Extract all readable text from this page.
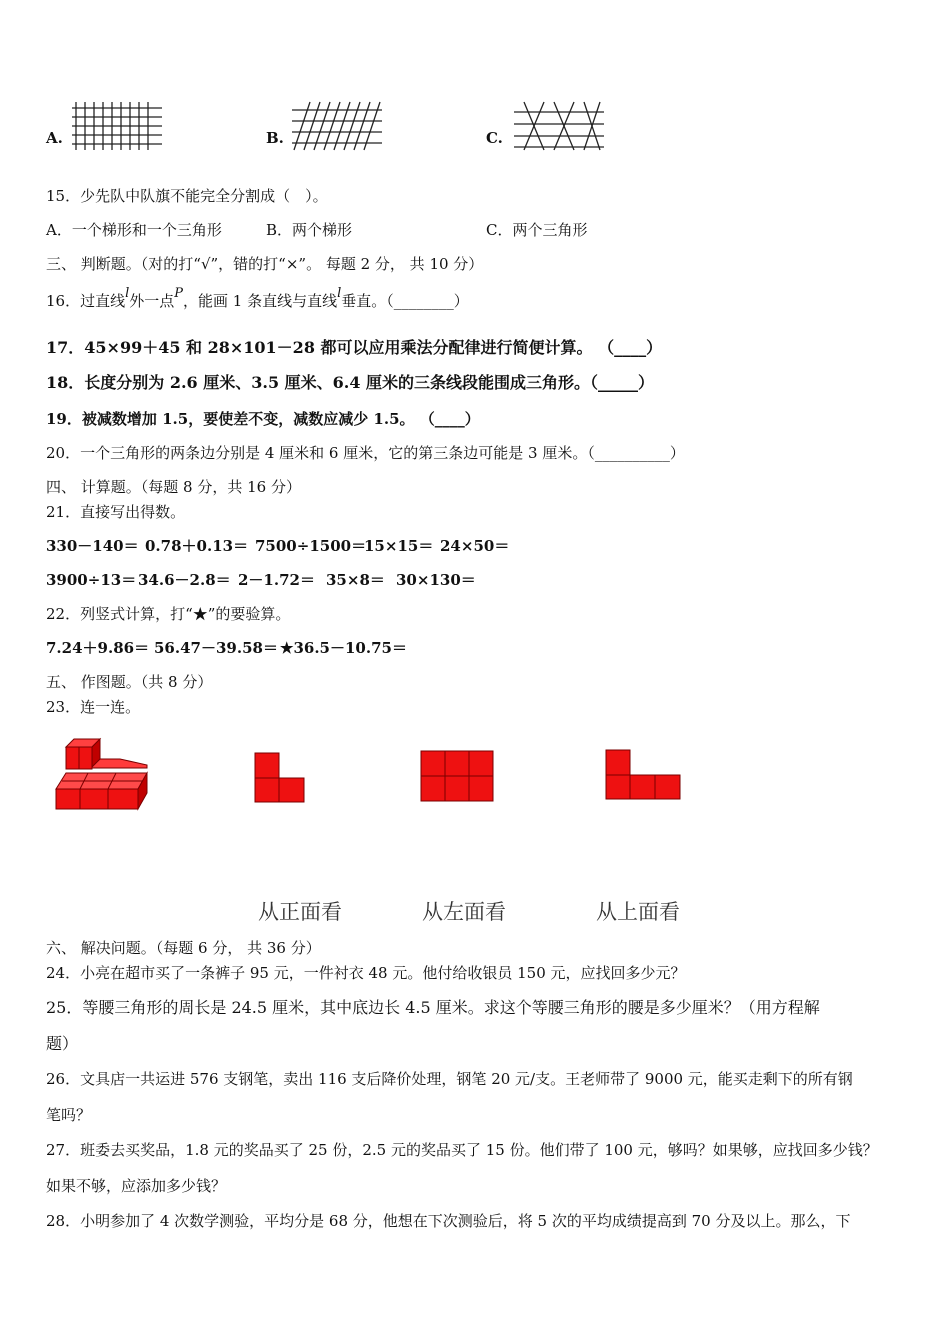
A.	B.	C.
15．少先队中队旗不能完全分割成（　）。
A．一个梯形和一个三角形	B．两个梯形	C．两个三角形
三、 判断题。（对的打“√”，错的打“×”。 每题 2 分， 共 10 分）
16．过直线l外一点P，能画 1 条直线与直线l垂直。（________）
17．45×99＋45 和 28×101－28 都可以应用乘法分配律进行简便计算。 （____）
18．长度分别为 2.6 厘米、3.5 厘米、6.4 厘米的三条线段能围成三角形。（_____）
19．被减数增加 1.5，要使差不变，减数应减少 1.5。 （____）
20．一个三角形的两条边分别是 4 厘米和 6 厘米，它的第三条边可能是 3 厘米。（__________）
四、 计算题。（每题 8 分，共 16 分）
21．直接写出得数。
330－140＝ 0.78＋0.13＝ 7500÷1500＝
15×15＝ 24×50＝
3900÷13＝ 34.6－2.8＝ 2－1.72＝ 35×8＝ 30×130＝
22．列竖式计算，打“★”的要验算。
7.24＋9.86＝ 56.47－39.58＝ ★36.5－10.75＝
五、 作图题。（共 8 分）
23．连一连。
从正面看	从左面看	从上面看
六、 解决问题。（每题 6 分， 共 36 分）
24．小亮在超市买了一条裤子 95 元，一件衬衣 48 元。他付给收银员 150 元，应找回多少元？
25．等腰三角形的周长是 24.5 厘米，其中底边长 4.5 厘米。求这个等腰三角形的腰是多少厘米？（用方程解
题）
26．文具店一共运进 576 支钢笔，卖出 116 支后降价处理，钢笔 20 元/支。王老师带了 9000 元，能买走剩下的所有钢
笔吗？
27．班委去买奖品，1.8 元的奖品买了 25 份，2.5 元的奖品买了 15 份。他们带了 100 元，够吗？如果够，应找回多少钱？
如果不够，应添加多少钱？
28．小明参加了 4 次数学测验，平均分是 68 分，他想在下次测验后，将 5 次的平均成绩提高到 70 分及以上。那么，下
